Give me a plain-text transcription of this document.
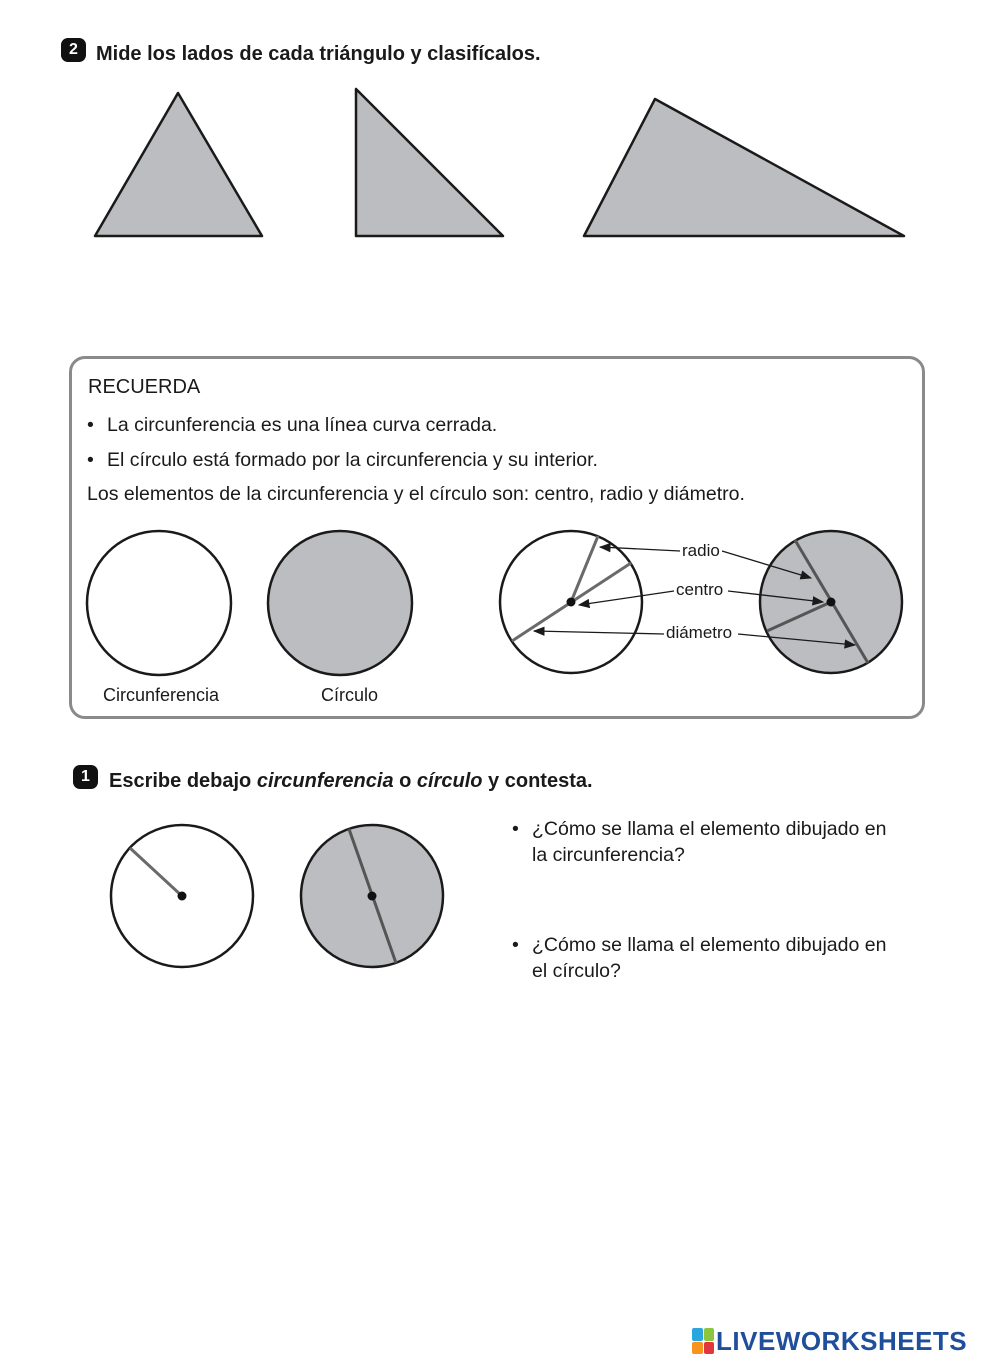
2 Mide los lados de cada triángulo y clasifícalos.
RECUERDA
• La circunferencia es una línea curva cerrada.
• El círculo está formado por la circunferencia y su interior.
Los elementos de la circunferencia y el círculo son: centro, radio y diámetro.
Circunferencia	Círculo
radio
centro
diámetro
1 Escribe debajo circunferencia o círculo y contesta.
• ¿Cómo se llama el elemento dibujado en la circunferencia?
• ¿Cómo se llama el elemento dibujado en el círculo?
LIVEWORKSHEETS
